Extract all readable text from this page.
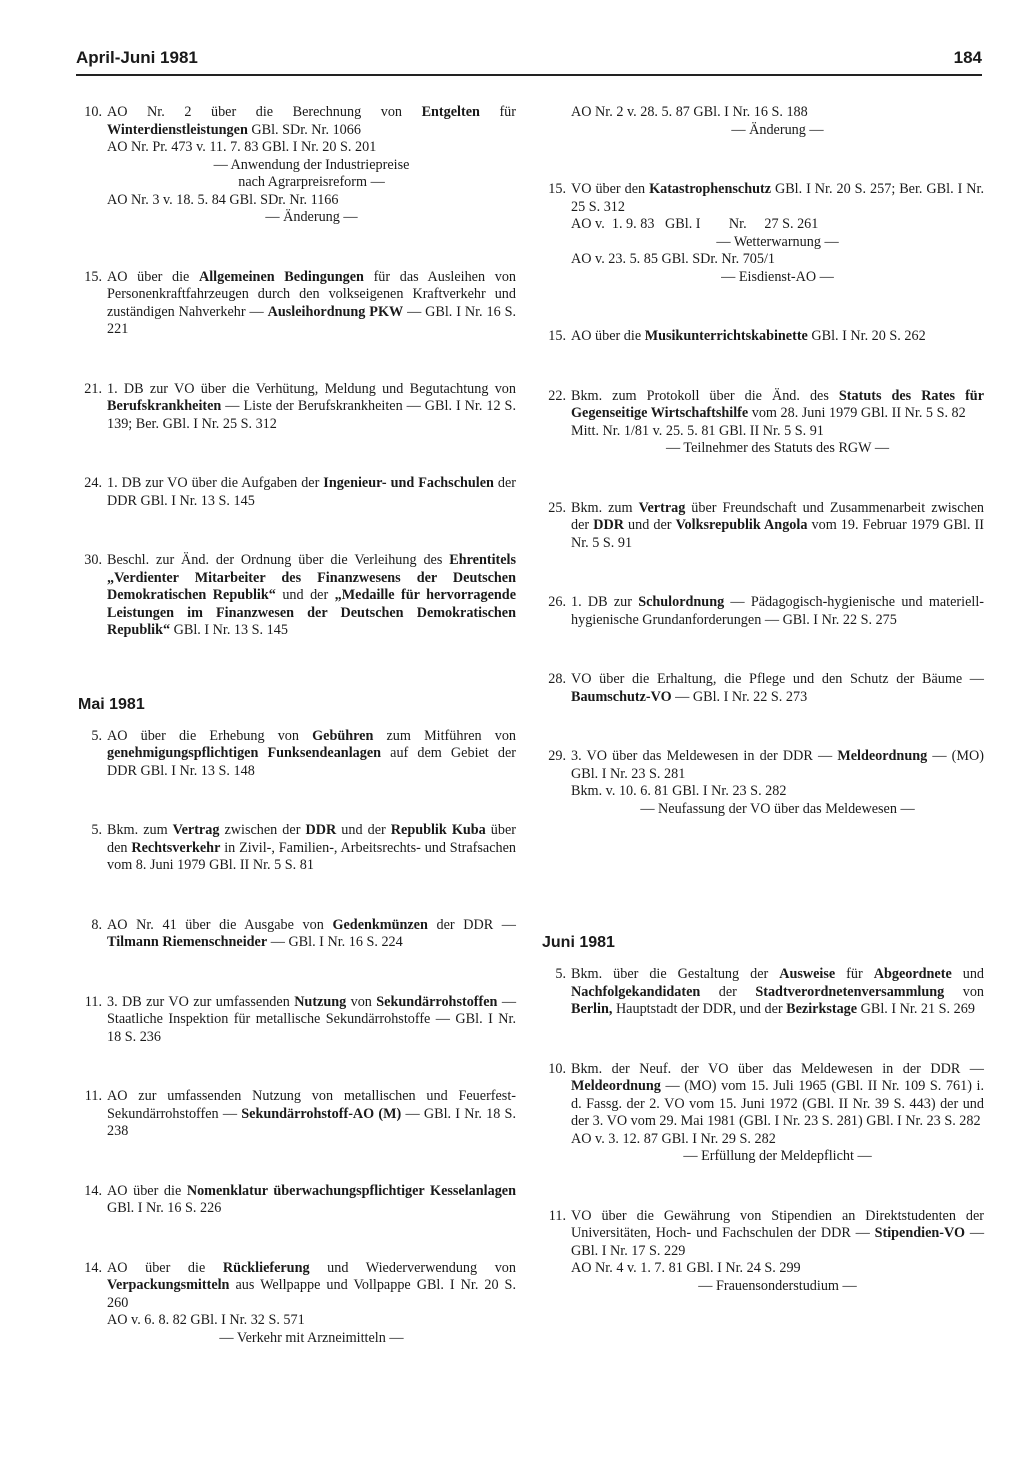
April-Juni 1981	184
10. AO Nr. 2 über die Berechnung von Entgelten für Winterdienstleistungen GBl. SDr. Nr. 1066
AO Nr. Pr. 473 v. 11. 7. 83 GBl. I Nr. 20 S. 201
— Anwendung der Industriepreise
nach Agrarpreisreform —
AO Nr. 3 v. 18. 5. 84 GBl. SDr. Nr. 1166
— Änderung —
15. AO über die Allgemeinen Bedingungen für das Ausleihen von Personenkraftfahrzeugen durch den volkseigenen Kraftverkehr und zuständigen Nahverkehr — Ausleihordnung PKW — GBl. I Nr. 16 S. 221
21. 1. DB zur VO über die Verhütung, Meldung und Begutachtung von Berufskrankheiten — Liste der Berufskrankheiten — GBl. I Nr. 12 S. 139; Ber. GBl. I Nr. 25 S. 312
24. 1. DB zur VO über die Aufgaben der Ingenieur- und Fachschulen der DDR GBl. I Nr. 13 S. 145
30. Beschl. zur Änd. der Ordnung über die Verleihung des Ehrentitels „Verdienter Mitarbeiter des Finanzwesens der Deutschen Demokratischen Republik“ und der „Medaille für hervorragende Leistungen im Finanzwesen der Deutschen Demokratischen Republik“ GBl. I Nr. 13 S. 145
Mai 1981
5. AO über die Erhebung von Gebühren zum Mitführen von genehmigungspflichtigen Funksendeanlagen auf dem Gebiet der DDR GBl. I Nr. 13 S. 148
5. Bkm. zum Vertrag zwischen der DDR und der Republik Kuba über den Rechtsverkehr in Zivil-, Familien-, Arbeitsrechts- und Strafsachen vom 8. Juni 1979 GBl. II Nr. 5 S. 81
8. AO Nr. 41 über die Ausgabe von Gedenkmünzen der DDR — Tilmann Riemenschneider — GBl. I Nr. 16 S. 224
11. 3. DB zur VO zur umfassenden Nutzung von Sekundärrohstoffen — Staatliche Inspektion für metallische Sekundärrohstoffe — GBl. I Nr. 18 S. 236
11. AO zur umfassenden Nutzung von metallischen und Feuerfest-Sekundärrohstoffen — Sekundärrohstoff-AO (M) — GBl. I Nr. 18 S. 238
14. AO über die Nomenklatur überwachungspflichtiger Kesselanlagen GBl. I Nr. 16 S. 226
14. AO über die Rücklieferung und Wiederverwendung von Verpackungsmitteln aus Wellpappe und Vollpappe GBl. I Nr. 20 S. 260
AO v. 6. 8. 82 GBl. I Nr. 32 S. 571
— Verkehr mit Arzneimitteln —
AO Nr. 2 v. 28. 5. 87 GBl. I Nr. 16 S. 188
— Änderung —
15. VO über den Katastrophenschutz GBl. I Nr. 20 S. 257; Ber. GBl. I Nr. 25 S. 312
AO v.  1. 9. 83   GBl. I        Nr.     27 S. 261
— Wetterwarnung —
AO v. 23. 5. 85 GBl. SDr. Nr. 705/1
— Eisdienst-AO —
15. AO über die Musikunterrichtskabinette GBl. I Nr. 20 S. 262
22. Bkm. zum Protokoll über die Änd. des Statuts des Rates für Gegenseitige Wirtschaftshilfe vom 28. Juni 1979 GBl. II Nr. 5 S. 82
Mitt. Nr. 1/81 v. 25. 5. 81 GBl. II Nr. 5 S. 91
— Teilnehmer des Statuts des RGW —
25. Bkm. zum Vertrag über Freundschaft und Zusammenarbeit zwischen der DDR und der Volksrepublik Angola vom 19. Februar 1979 GBl. II Nr. 5 S. 91
26. 1. DB zur Schulordnung — Pädagogisch-hygienische und materiell-hygienische Grundanforderungen — GBl. I Nr. 22 S. 275
28. VO über die Erhaltung, die Pflege und den Schutz der Bäume — Baumschutz-VO — GBl. I Nr. 22 S. 273
29. 3. VO über das Meldewesen in der DDR — Meldeordnung — (MO) GBl. I Nr. 23 S. 281
Bkm. v. 10. 6. 81 GBl. I Nr. 23 S. 282
— Neufassung der VO über das Meldewesen —
Juni 1981
5. Bkm. über die Gestaltung der Ausweise für Abgeordnete und Nachfolgekandidaten der Stadtverordnetenversammlung von Berlin, Hauptstadt der DDR, und der Bezirkstage GBl. I Nr. 21 S. 269
10. Bkm. der Neuf. der VO über das Meldewesen in der DDR — Meldeordnung — (MO) vom 15. Juli 1965 (GBl. II Nr. 109 S. 761) i. d. Fassg. der 2. VO vom 15. Juni 1972 (GBl. II Nr. 39 S. 443) der und der 3. VO vom 29. Mai 1981 (GBl. I Nr. 23 S. 281) GBl. I Nr. 23 S. 282
AO v. 3. 12. 87 GBl. I Nr. 29 S. 282
— Erfüllung der Meldepflicht —
11. VO über die Gewährung von Stipendien an Direktstudenten der Universitäten, Hoch- und Fachschulen der DDR — Stipendien-VO — GBl. I Nr. 17 S. 229
AO Nr. 4 v. 1. 7. 81 GBl. I Nr. 24 S. 299
— Frauensonderstudium —
